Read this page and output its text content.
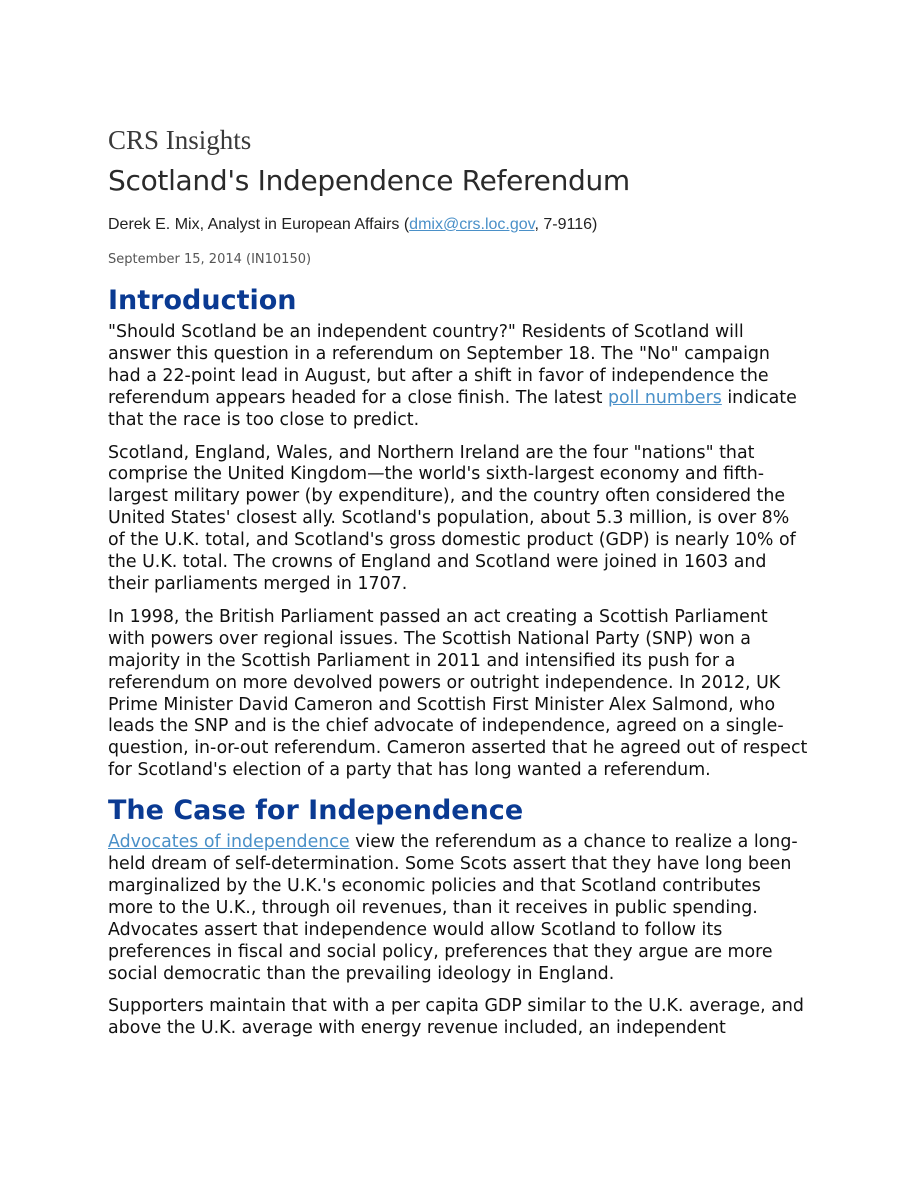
CRS Insights
Scotland's Independence Referendum
Derek E. Mix, Analyst in European Affairs (dmix@crs.loc.gov, 7-9116)
September 15, 2014 (IN10150)
Introduction

"Should Scotland be an independent country?" Residents of Scotland will answer this question in a referendum on September 18. The "No" campaign had a 22-point lead in August, but after a shift in favor of independence the referendum appears headed for a close finish. The latest poll numbers indicate that the race is too close to predict.

Scotland, England, Wales, and Northern Ireland are the four "nations" that comprise the United Kingdom—the world's sixth-largest economy and fifth-largest military power (by expenditure), and the country often considered the United States' closest ally. Scotland's population, about 5.3 million, is over 8% of the U.K. total, and Scotland's gross domestic product (GDP) is nearly 10% of the U.K. total. The crowns of England and Scotland were joined in 1603 and their parliaments merged in 1707.

In 1998, the British Parliament passed an act creating a Scottish Parliament with powers over regional issues. The Scottish National Party (SNP) won a majority in the Scottish Parliament in 2011 and intensified its push for a referendum on more devolved powers or outright independence. In 2012, UK Prime Minister David Cameron and Scottish First Minister Alex Salmond, who leads the SNP and is the chief advocate of independence, agreed on a single-question, in-or-out referendum. Cameron asserted that he agreed out of respect for Scotland's election of a party that has long wanted a referendum.

The Case for Independence

Advocates of independence view the referendum as a chance to realize a long-held dream of self-determination. Some Scots assert that they have long been marginalized by the U.K.'s economic policies and that Scotland contributes more to the U.K., through oil revenues, than it receives in public spending. Advocates assert that independence would allow Scotland to follow its preferences in fiscal and social policy, preferences that they argue are more social democratic than the prevailing ideology in England.

Supporters maintain that with a per capita GDP similar to the U.K. average, and above the U.K. average with energy revenue included, an independent
